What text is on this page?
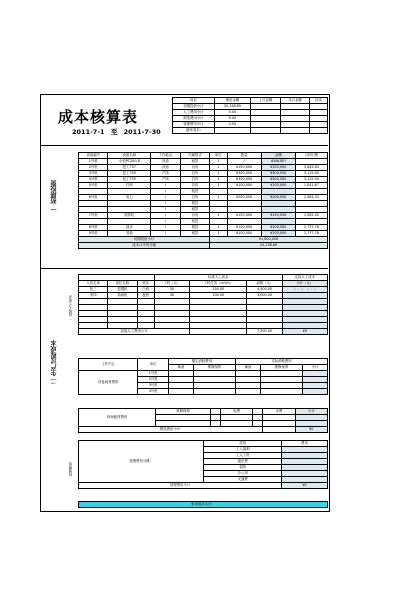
成本核算表
2011-7-1 至 2011-7-30
项目	理论金额	上月金额	本月金额	浮动
初期投资小计	20,138.89			
人工费用小计	0.00			
制造费用小计	0.00			
管理费用小计	0.00			
最终成本:				
一 初期投资
设备编号	设备名称	工作地点	归属形式	单位	数量	金额	月折旧费
1号机	小松PC200-8	河道	租赁	1	/	#VALUE!	
2号机	挖工757	河道	自有	1	¥150,000	¥150,000	3,645.83
3号机	挖工755	产线	自有	1	¥300,000	¥300,000	3,125.00
4号机	挖工755	产线	自有	1	¥300,000	¥300,000	3,125.00
5号机	灯两	/	自有	1	¥100,000	¥100,000	1,041.67
		/	租赁				
6号机	电力	/	自有	1	¥200,000	¥200,000	2,083.33
		/	租赁				
		/	租赁				
7号机	搅拌机	/	自有	1	¥150,000	¥150,000	1,562.50
		/	租赁				
8号机	抽水	/	租赁	1	¥100,000	¥100,000	2,777.78
9号机	其他	/	租赁	1	¥100,000	¥100,000	2,777.78
初期投资小计				¥1,600,000			
成本月平均分摊				20,138.89			
二 生产过程成本
一 直接人工成本
			标准人工成本			实际人工成本
人员名单	岗位名称	班次	工时（元）	工时任务（m³/m）	金额（元）	小计（元）
张三	挖掘机	白班	30	150.00	4,500.00	第 1 页，共 1 页
李四	装载机	夜班	30	100.00	3,000.00	

直接人工费用小计					7,500.00	¥0
工作中心	单位	额定消耗费用		实际消耗费用		
		柴油	维修保养	柴油	维修保养	小计
设备耗材费用	1号机					
	2号机					
	3号机					
	4号机					
现场耗材费用	维修保养		电费		水费	小计

制造费用小计:						¥0
管理费用
管理费用分摊：	类别	费用
	工人福利	
	工人工资	
	通讯费	
	招待	
	办公用	
	交通费	
管理费用小计		¥0
单项成本合计：
